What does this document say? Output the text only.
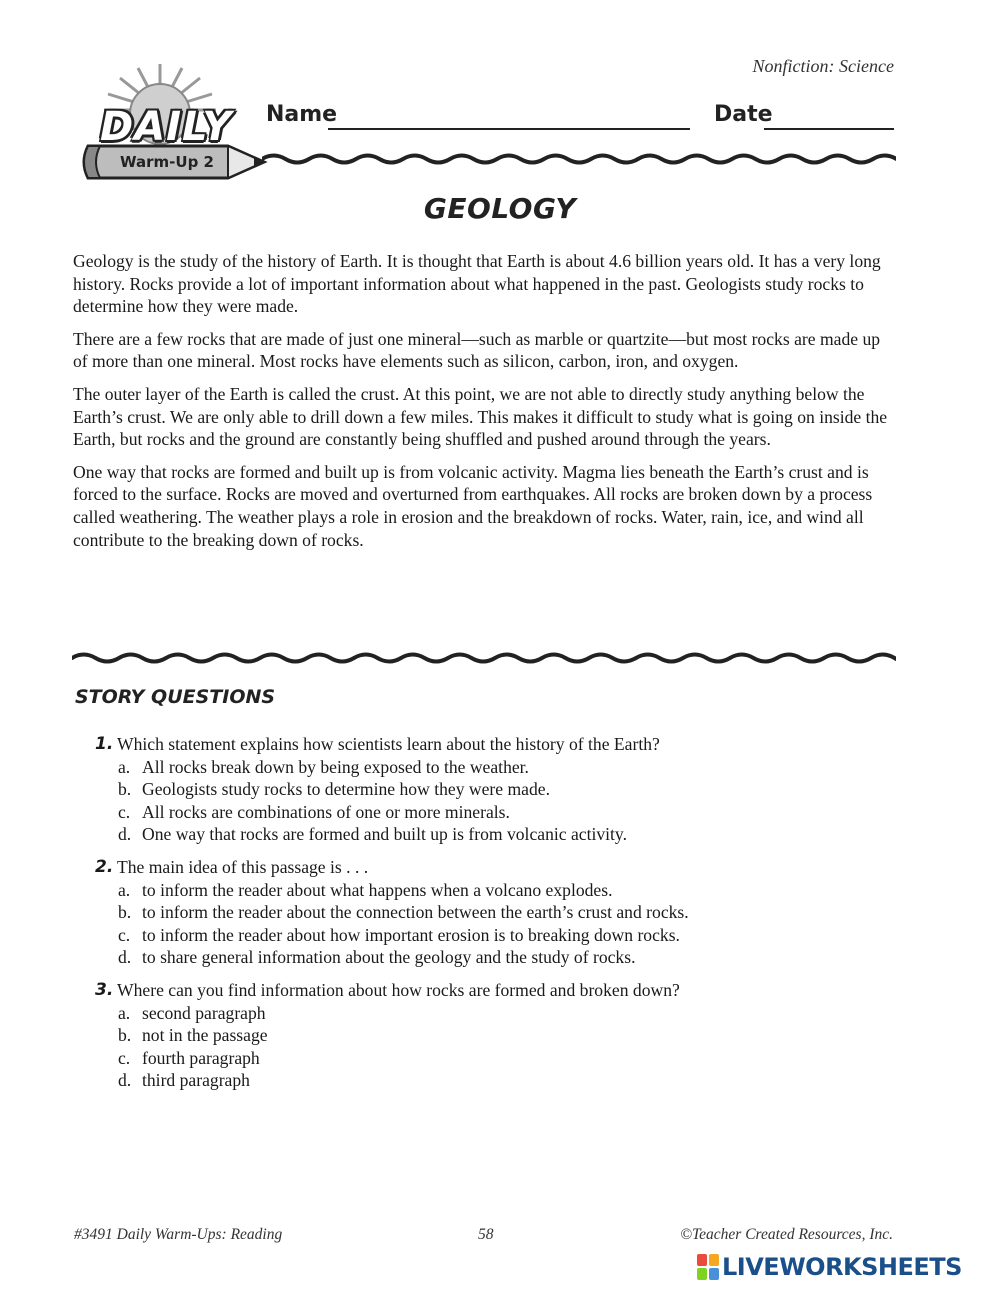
Nonfiction: Science
DAILY
Warm-Up 2
Name	Date
GEOLOGY

Geology is the study of the history of Earth. It is thought that Earth is about 4.6 billion years old. It has a very long history. Rocks provide a lot of important information about what happened in the past. Geologists study rocks to determine how they were made.

There are a few rocks that are made of just one mineral—such as marble or quartzite—but most rocks are made up of more than one mineral. Most rocks have elements such as silicon, carbon, iron, and oxygen.

The outer layer of the Earth is called the crust. At this point, we are not able to directly study anything below the Earth’s crust. We are only able to drill down a few miles. This makes it difficult to study what is going on inside the Earth, but rocks and the ground are constantly being shuffled and pushed around through the years.

One way that rocks are formed and built up is from volcanic activity. Magma lies beneath the Earth’s crust and is forced to the surface. Rocks are moved and overturned from earthquakes. All rocks are broken down by a process called weathering. The weather plays a role in erosion and the breakdown of rocks. Water, rain, ice, and wind all contribute to the breaking down of rocks.

STORY QUESTIONS
1. Which statement explains how scientists learn about the history of the Earth?
a. All rocks break down by being exposed to the weather.
b. Geologists study rocks to determine how they were made.
c. All rocks are combinations of one or more minerals.
d. One way that rocks are formed and built up is from volcanic activity.
2. The main idea of this passage is . . .
a. to inform the reader about what happens when a volcano explodes.
b. to inform the reader about the connection between the earth’s crust and rocks.
c. to inform the reader about how important erosion is to breaking down rocks.
d. to share general information about the geology and the study of rocks.
3. Where can you find information about how rocks are formed and broken down?
a. second paragraph
b. not in the passage
c. fourth paragraph
d. third paragraph
#3491 Daily Warm-Ups: Reading	58	©Teacher Created Resources, Inc.
LIVEWORKSHEETS
